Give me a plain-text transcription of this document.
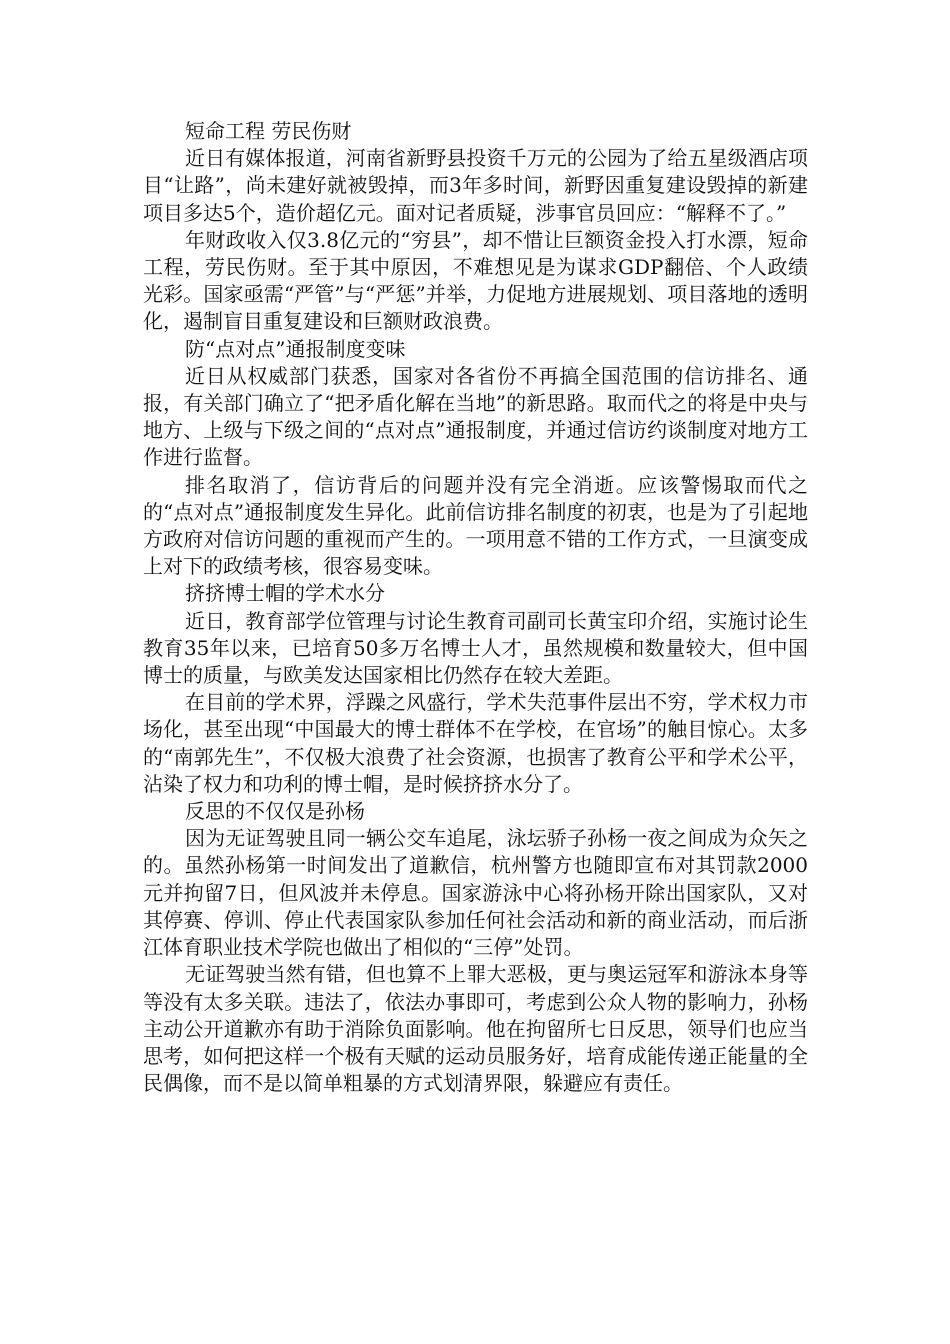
短命工程 劳民伤财

近日有媒体报道，河南省新野县投资千万元的公园为了给五星级酒店项目“让路”，尚未建好就被毁掉，而3年多时间，新野因重复建设毁掉的新建项目多达5个，造价超亿元。面对记者质疑，涉事官员回应：“解释不了。”

年财政收入仅3.8亿元的“穷县”，却不惜让巨额资金投入打水漂，短命工程，劳民伤财。至于其中原因，不难想见是为谋求GDP翻倍、个人政绩光彩。国家亟需“严管”与“严惩”并举，力促地方进展规划、项目落地的透明化，遏制盲目重复建设和巨额财政浪费。

防“点对点”通报制度变味

近日从权威部门获悉，国家对各省份不再搞全国范围的信访排名、通报，有关部门确立了“把矛盾化解在当地”的新思路。取而代之的将是中央与地方、上级与下级之间的“点对点”通报制度，并通过信访约谈制度对地方工作进行监督。

排名取消了，信访背后的问题并没有完全消逝。应该警惕取而代之的“点对点”通报制度发生异化。此前信访排名制度的初衷，也是为了引起地方政府对信访问题的重视而产生的。一项用意不错的工作方式，一旦演变成上对下的政绩考核，很容易变味。

挤挤博士帽的学术水分

近日，教育部学位管理与讨论生教育司副司长黄宝印介绍，实施讨论生教育35年以来，已培育50多万名博士人才，虽然规模和数量较大，但中国博士的质量，与欧美发达国家相比仍然存在较大差距。

在目前的学术界，浮躁之风盛行，学术失范事件层出不穷，学术权力市场化，甚至出现“中国最大的博士群体不在学校，在官场”的触目惊心。太多的“南郭先生”，不仅极大浪费了社会资源，也损害了教育公平和学术公平，沾染了权力和功利的博士帽，是时候挤挤水分了。

反思的不仅仅是孙杨

因为无证驾驶且同一辆公交车追尾，泳坛骄子孙杨一夜之间成为众矢之的。虽然孙杨第一时间发出了道歉信，杭州警方也随即宣布对其罚款2000元并拘留7日，但风波并未停息。国家游泳中心将孙杨开除出国家队，又对其停赛、停训、停止代表国家队参加任何社会活动和新的商业活动，而后浙江体育职业技术学院也做出了相似的“三停”处罚。

无证驾驶当然有错，但也算不上罪大恶极，更与奥运冠军和游泳本身等等没有太多关联。违法了，依法办事即可，考虑到公众人物的影响力，孙杨主动公开道歉亦有助于消除负面影响。他在拘留所七日反思，领导们也应当思考，如何把这样一个极有天赋的运动员服务好，培育成能传递正能量的全民偶像，而不是以简单粗暴的方式划清界限，躲避应有责任。
